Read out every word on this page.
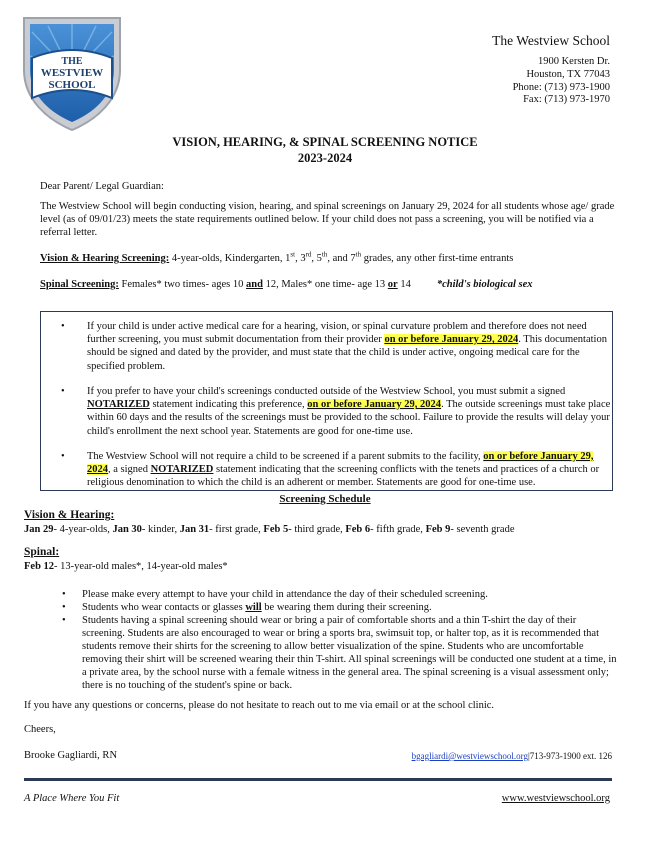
THE
WESTVIEW
SCHOOL
The Westview School
1900 Kersten Dr.
Houston, TX 77043
Phone: (713) 973-1900
Fax: (713) 973-1970
VISION, HEARING, & SPINAL SCREENING NOTICE
2023-2024
Dear Parent/ Legal Guardian:
The Westview School will begin conducting vision, hearing, and spinal screenings on January 29, 2024 for all students whose age/ grade level (as of 09/01/23) meets the state requirements outlined below. If your child does not pass a screening, you will be notified via a referral letter.
Vision & Hearing Screening: 4-year-olds, Kindergarten, 1st, 3rd, 5th, and 7th grades, any other first-time entrants
Spinal Screening: Females* two times- ages 10 and 12, Males* one time- age 13 or 14 *child's biological sex
• If your child is under active medical care for a hearing, vision, or spinal curvature problem and therefore does not need further screening, you must submit documentation from their provider on or before January 29, 2024. This documentation should be signed and dated by the provider, and must state that the child is under active, ongoing medical care for the specified problem.
• If you prefer to have your child's screenings conducted outside of the Westview School, you must submit a signed NOTARIZED statement indicating this preference, on or before January 29, 2024. The outside screenings must take place within 60 days and the results of the screenings must be provided to the school. Failure to provide the results will delay your child's enrollment the next school year. Statements are good for one-time use.
• The Westview School will not require a child to be screened if a parent submits to the facility, on or before January 29, 2024, a signed NOTARIZED statement indicating that the screening conflicts with the tenets and practices of a church or religious denomination to which the child is an adherent or member. Statements are good for one-time use.
Screening Schedule
Vision & Hearing:
Jan 29- 4-year-olds, Jan 30- kinder, Jan 31- first grade, Feb 5- third grade, Feb 6- fifth grade, Feb 9- seventh grade
Spinal:
Feb 12- 13-year-old males*, 14-year-old males*
• Please make every attempt to have your child in attendance the day of their scheduled screening.
• Students who wear contacts or glasses will be wearing them during their screening.
• Students having a spinal screening should wear or bring a pair of comfortable shorts and a thin T-shirt the day of their screening. Students are also encouraged to wear or bring a sports bra, swimsuit top, or halter top, as it is recommended that students remove their shirts for the screening to allow better visualization of the spine. Students who are uncomfortable removing their shirt will be screened wearing their thin T-shirt. All spinal screenings will be conducted one student at a time, in a private area, by the school nurse with a female witness in the general area. The spinal screening is a visual assessment only; there is no touching of the student's spine or back.
If you have any questions or concerns, please do not hesitate to reach out to me via email or at the school clinic.
Cheers,
Brooke Gagliardi, RN	bgagliardi@westviewschool.org|713-973-1900 ext. 126
A Place Where You Fit	www.westviewschool.org
